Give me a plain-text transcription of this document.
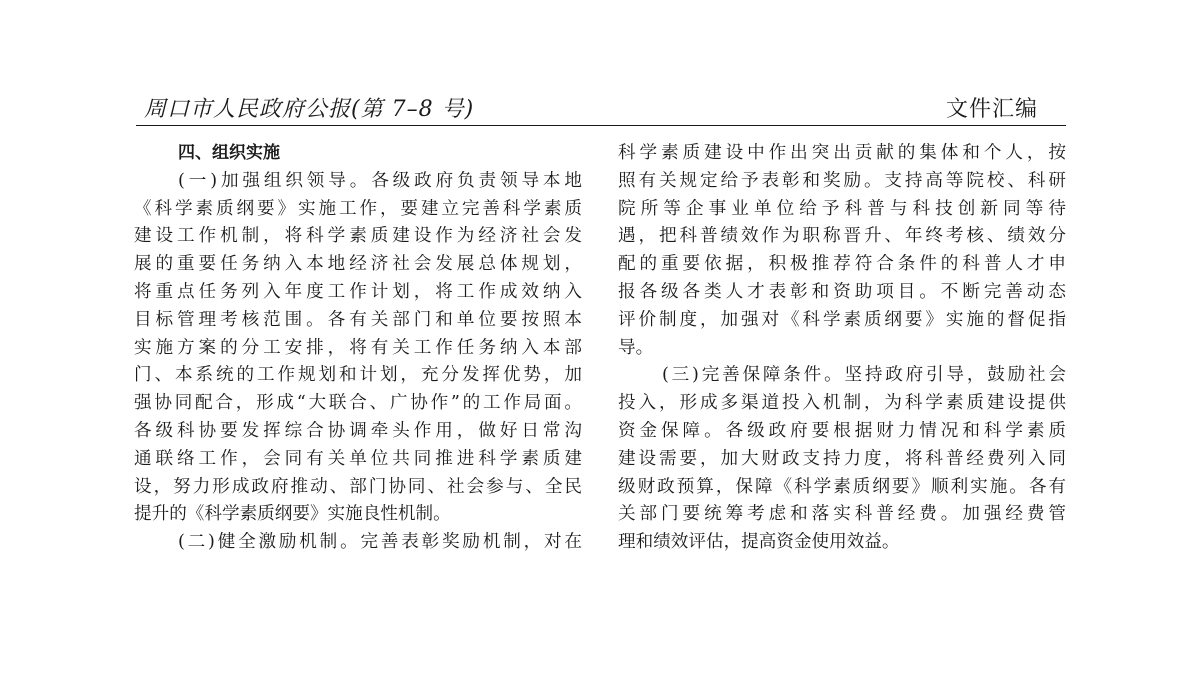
周口市人民政府公报(第 7–8 号)	文件汇编
四、组织实施
(一)加强组织领导。各级政府负责领导本地
《科学素质纲要》实施工作，要建立完善科学素质
建设工作机制，将科学素质建设作为经济社会发
展的重要任务纳入本地经济社会发展总体规划，
将重点任务列入年度工作计划，将工作成效纳入
目标管理考核范围。各有关部门和单位要按照本
实施方案的分工安排，将有关工作任务纳入本部
门、本系统的工作规划和计划，充分发挥优势，加
强协同配合，形成“大联合、广协作”的工作局面。
各级科协要发挥综合协调牵头作用，做好日常沟
通联络工作，会同有关单位共同推进科学素质建
设，努力形成政府推动、部门协同、社会参与、全民
提升的《科学素质纲要》实施良性机制。
(二)健全激励机制。完善表彰奖励机制，对在
科学素质建设中作出突出贡献的集体和个人，按
照有关规定给予表彰和奖励。支持高等院校、科研
院所等企事业单位给予科普与科技创新同等待
遇，把科普绩效作为职称晋升、年终考核、绩效分
配的重要依据，积极推荐符合条件的科普人才申
报各级各类人才表彰和资助项目。不断完善动态
评价制度，加强对《科学素质纲要》实施的督促指
导。
(三)完善保障条件。坚持政府引导，鼓励社会
投入，形成多渠道投入机制，为科学素质建设提供
资金保障。各级政府要根据财力情况和科学素质
建设需要，加大财政支持力度，将科普经费列入同
级财政预算，保障《科学素质纲要》顺利实施。各有
关部门要统筹考虑和落实科普经费。加强经费管
理和绩效评估，提高资金使用效益。
